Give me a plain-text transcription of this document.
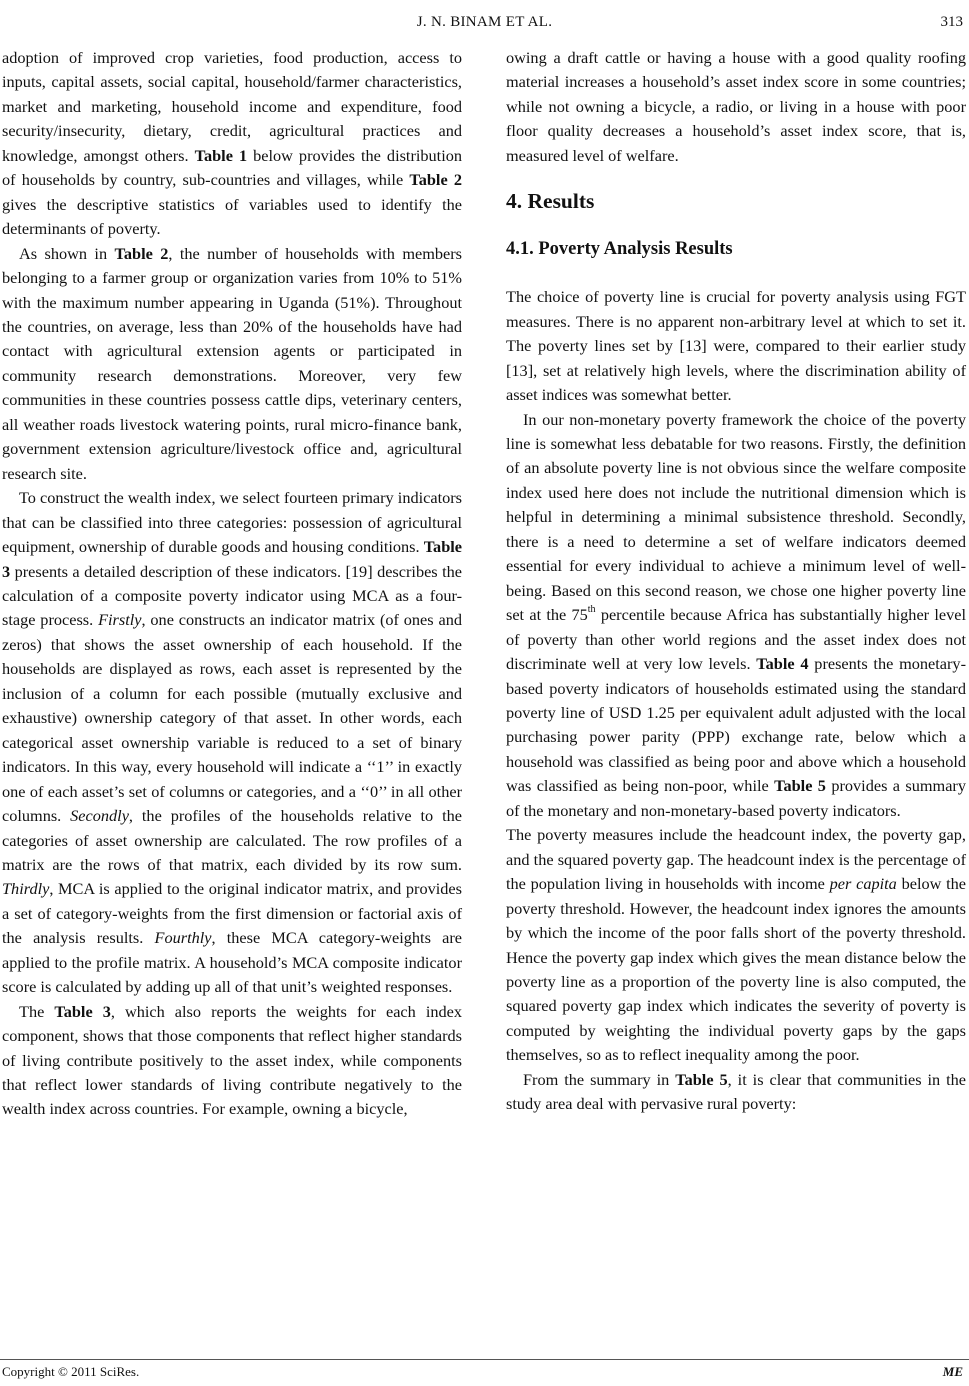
J. N. BINAM ET AL.	313

adoption of improved crop varieties, food production, access to inputs, capital assets, social capital, household/farmer characteristics, market and marketing, household income and expenditure, food security/insecurity, dietary, credit, agricultural practices and knowledge, amongst others. Table 1 below provides the distribution of households by country, sub-countries and villages, while Table 2 gives the descriptive statistics of variables used to identify the determinants of poverty.

As shown in Table 2, the number of households with members belonging to a farmer group or organization varies from 10% to 51% with the maximum number appearing in Uganda (51%). Throughout the countries, on average, less than 20% of the households have had contact with agricultural extension agents or participated in community research demonstrations. Moreover, very few communities in these countries possess cattle dips, veterinary centers, all weather roads livestock watering points, rural micro-finance bank, government extension agriculture/livestock office and, agricultural research site.

To construct the wealth index, we select fourteen primary indicators that can be classified into three categories: possession of agricultural equipment, ownership of durable goods and housing conditions. Table 3 presents a detailed description of these indicators. [19] describes the calculation of a composite poverty indicator using MCA as a four-stage process. Firstly, one constructs an indicator matrix (of ones and zeros) that shows the asset ownership of each household. If the households are displayed as rows, each asset is represented by the inclusion of a column for each possible (mutually exclusive and exhaustive) ownership category of that asset. In other words, each categorical asset ownership variable is reduced to a set of binary indicators. In this way, every household will indicate a ‘‘1’’ in exactly one of each asset’s set of columns or categories, and a ‘‘0’’ in all other columns. Secondly, the profiles of the households relative to the categories of asset ownership are calculated. The row profiles of a matrix are the rows of that matrix, each divided by its row sum. Thirdly, MCA is applied to the original indicator matrix, and provides a set of category-weights from the first dimension or factorial axis of the analysis results. Fourthly, these MCA category-weights are applied to the profile matrix. A household’s MCA composite indicator score is calculated by adding up all of that unit’s weighted responses.

The Table 3, which also reports the weights for each index component, shows that those components that reflect higher standards of living contribute positively to the asset index, while components that reflect lower standards of living contribute negatively to the wealth index across countries. For example, owning a bicycle,

owing a draft cattle or having a house with a good quality roofing material increases a household’s asset index score in some countries; while not owning a bicycle, a radio, or living in a house with poor floor quality decreases a household’s asset index score, that is, measured level of welfare.

4. Results
4.1. Poverty Analysis Results

The choice of poverty line is crucial for poverty analysis using FGT measures. There is no apparent non-arbitrary level at which to set it. The poverty lines set by [13] were, compared to their earlier study [13], set at relatively high levels, where the discrimination ability of asset indices was somewhat better.

In our non-monetary poverty framework the choice of the poverty line is somewhat less debatable for two reasons. Firstly, the definition of an absolute poverty line is not obvious since the welfare composite index used here does not include the nutritional dimension which is helpful in determining a minimal subsistence threshold. Secondly, there is a need to determine a set of welfare indicators deemed essential for every individual to achieve a minimum level of well-being. Based on this second reason, we chose one higher poverty line set at the 75th percentile because Africa has substantially higher level of poverty than other world regions and the asset index does not discriminate well at very low levels. Table 4 presents the monetary-based poverty indicators of households estimated using the standard poverty line of USD 1.25 per equivalent adult adjusted with the local purchasing power parity (PPP) exchange rate, below which a household was classified as being poor and above which a household was classified as being non-poor, while Table 5 provides a summary of the monetary and non-monetary-based poverty indicators.

The poverty measures include the headcount index, the poverty gap, and the squared poverty gap. The headcount index is the percentage of the population living in households with income per capita below the poverty threshold. However, the headcount index ignores the amounts by which the income of the poor falls short of the poverty threshold. Hence the poverty gap index which gives the mean distance below the poverty line as a proportion of the poverty line is also computed, the squared poverty gap index which indicates the severity of poverty is computed by weighting the individual poverty gaps by the gaps themselves, so as to reflect inequality among the poor.

From the summary in Table 5, it is clear that communities in the study area deal with pervasive rural poverty:

Copyright © 2011 SciRes.	ME
